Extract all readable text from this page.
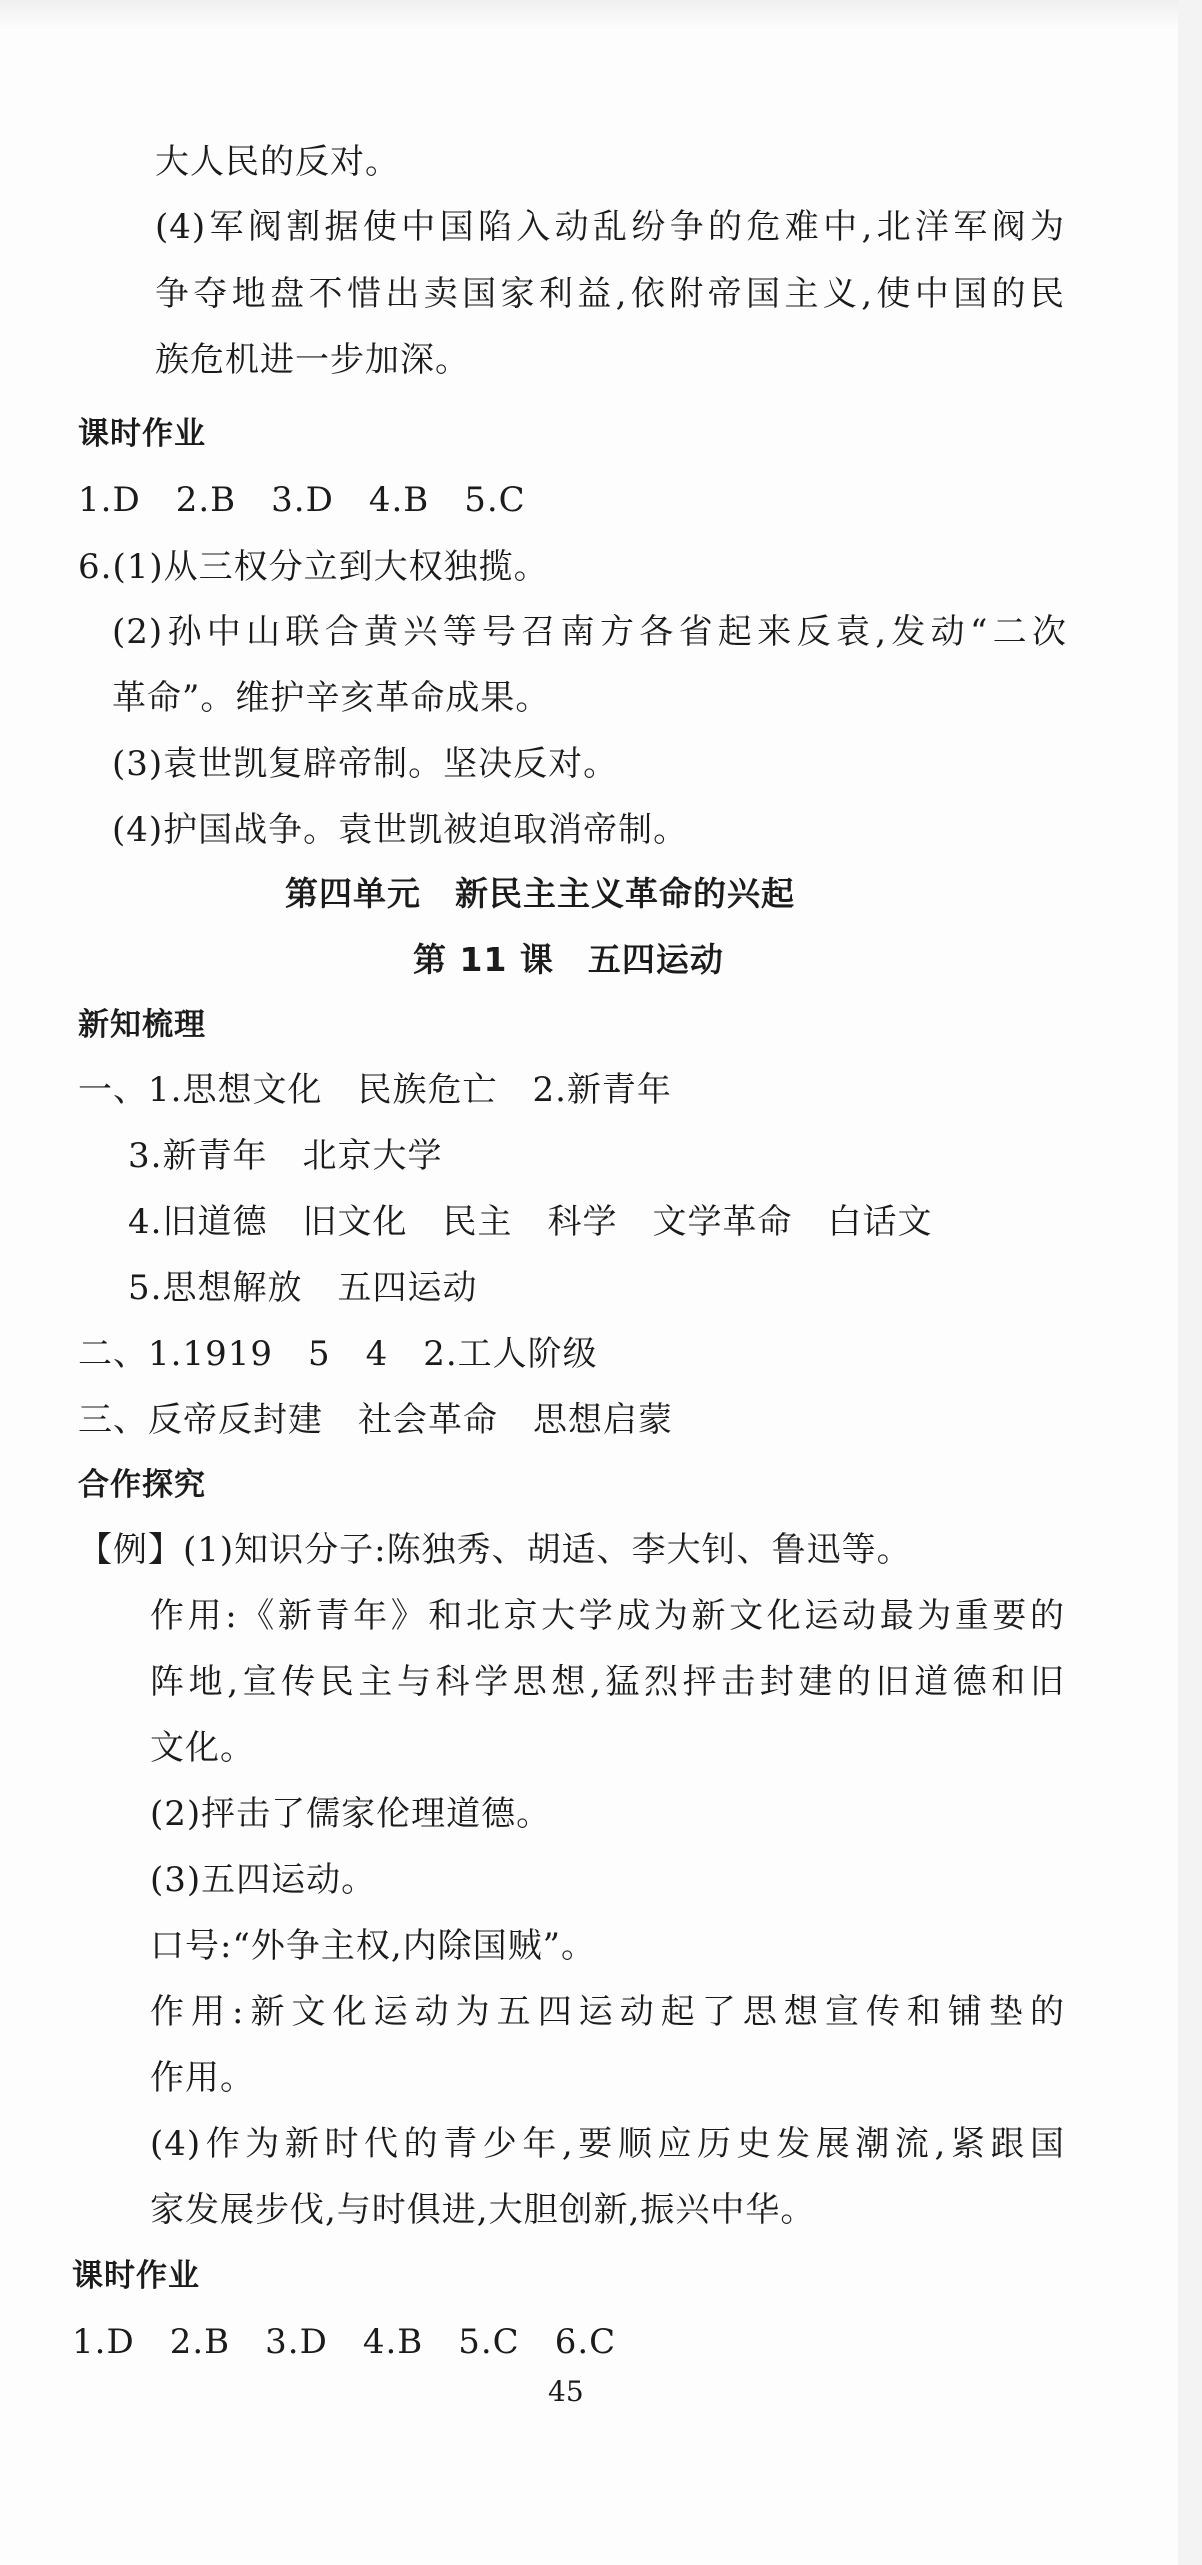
大人民的反对。
(4)军阀割据使中国陷入动乱纷争的危难中,北洋军阀为
争夺地盘不惜出卖国家利益,依附帝国主义,使中国的民
族危机进一步加深。
课时作业
1.D　2.B　3.D　4.B　5.C
6.(1)从三权分立到大权独揽。
(2)孙中山联合黄兴等号召南方各省起来反袁,发动“二次
革命”。维护辛亥革命成果。
(3)袁世凯复辟帝制。坚决反对。
(4)护国战争。袁世凯被迫取消帝制。
第四单元　新民主主义革命的兴起
第 11 课　五四运动
新知梳理
一、1.思想文化　民族危亡　2.新青年
3.新青年　北京大学
4.旧道德　旧文化　民主　科学　文学革命　白话文
5.思想解放　五四运动
二、1.1919　5　4　2.工人阶级
三、反帝反封建　社会革命　思想启蒙
合作探究
【例】(1)知识分子:陈独秀、胡适、李大钊、鲁迅等。
作用:《新青年》和北京大学成为新文化运动最为重要的
阵地,宣传民主与科学思想,猛烈抨击封建的旧道德和旧
文化。
(2)抨击了儒家伦理道德。
(3)五四运动。
口号:“外争主权,内除国贼”。
作用:新文化运动为五四运动起了思想宣传和铺垫的
作用。
(4)作为新时代的青少年,要顺应历史发展潮流,紧跟国
家发展步伐,与时俱进,大胆创新,振兴中华。
课时作业
1.D　2.B　3.D　4.B　5.C　6.C
45
